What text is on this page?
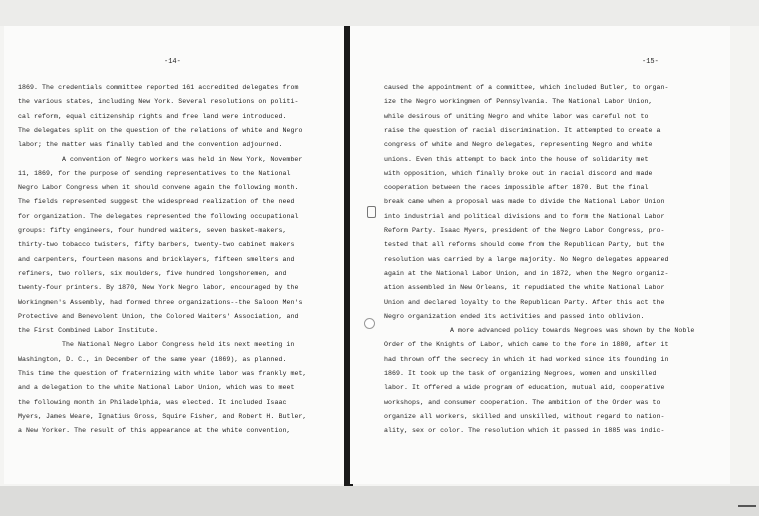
-14-
1869. The credentials committee reported 161 accredited delegates from
the various states, including New York. Several resolutions on politi-
cal reform, equal citizenship rights and free land were introduced.
The delegates split on the question of the relations of white and Negro
labor; the matter was finally tabled and the convention adjourned.
A convention of Negro workers was held in New York, November
11, 1869, for the purpose of sending representatives to the National
Negro Labor Congress when it should convene again the following month.
The fields represented suggest the widespread realization of the need
for organization. The delegates represented the following occupational
groups: fifty engineers, four hundred waiters, seven basket-makers,
thirty-two tobacco twisters, fifty barbers, twenty-two cabinet makers
and carpenters, fourteen masons and bricklayers, fifteen smelters and
refiners, two rollers, six moulders, five hundred longshoremen, and
twenty-four printers. By 1870, New York Negro labor, encouraged by the
Workingmen's Assembly, had formed three organizations--the Saloon Men's
Protective and Benevolent Union, the Colored Waiters' Association, and
the First Combined Labor Institute.
The National Negro Labor Congress held its next meeting in
Washington, D. C., in December of the same year (1869), as planned.
This time the question of fraternizing with white labor was frankly met,
and a delegation to the white National Labor Union, which was to meet
the following month in Philadelphia, was elected. It included Isaac
Myers, James Weare, Ignatius Gross, Squire Fisher, and Robert H. Butler,
a New Yorker. The result of this appearance at the white convention,
-15-
caused the appointment of a committee, which included Butler, to organ-
ize the Negro workingmen of Pennsylvania. The National Labor Union,
while desirous of uniting Negro and white labor was careful not to
raise the question of racial discrimination. It attempted to create a
congress of white and Negro delegates, representing Negro and white
unions. Even this attempt to back into the house of solidarity met
with opposition, which finally broke out in racial discord and made
cooperation between the races impossible after 1870. But the final
break came when a proposal was made to divide the National Labor Union
into industrial and political divisions and to form the National Labor
Reform Party. Isaac Myers, president of the Negro Labor Congress, pro-
tested that all reforms should come from the Republican Party, but the
resolution was carried by a large majority. No Negro delegates appeared
again at the National Labor Union, and in 1872, when the Negro organiz-
ation assembled in New Orleans, it repudiated the white National Labor
Union and declared loyalty to the Republican Party. After this act the
Negro organization ended its activities and passed into oblivion.
A more advanced policy towards Negroes was shown by the Noble
Order of the Knights of Labor, which came to the fore in 1880, after it
had thrown off the secrecy in which it had worked since its founding in
1869. It took up the task of organizing Negroes, women and unskilled
labor. It offered a wide program of education, mutual aid, cooperative
workshops, and consumer cooperation. The ambition of the Order was to
organize all workers, skilled and unskilled, without regard to nation-
ality, sex or color. The resolution which it passed in 1885 was indic-
